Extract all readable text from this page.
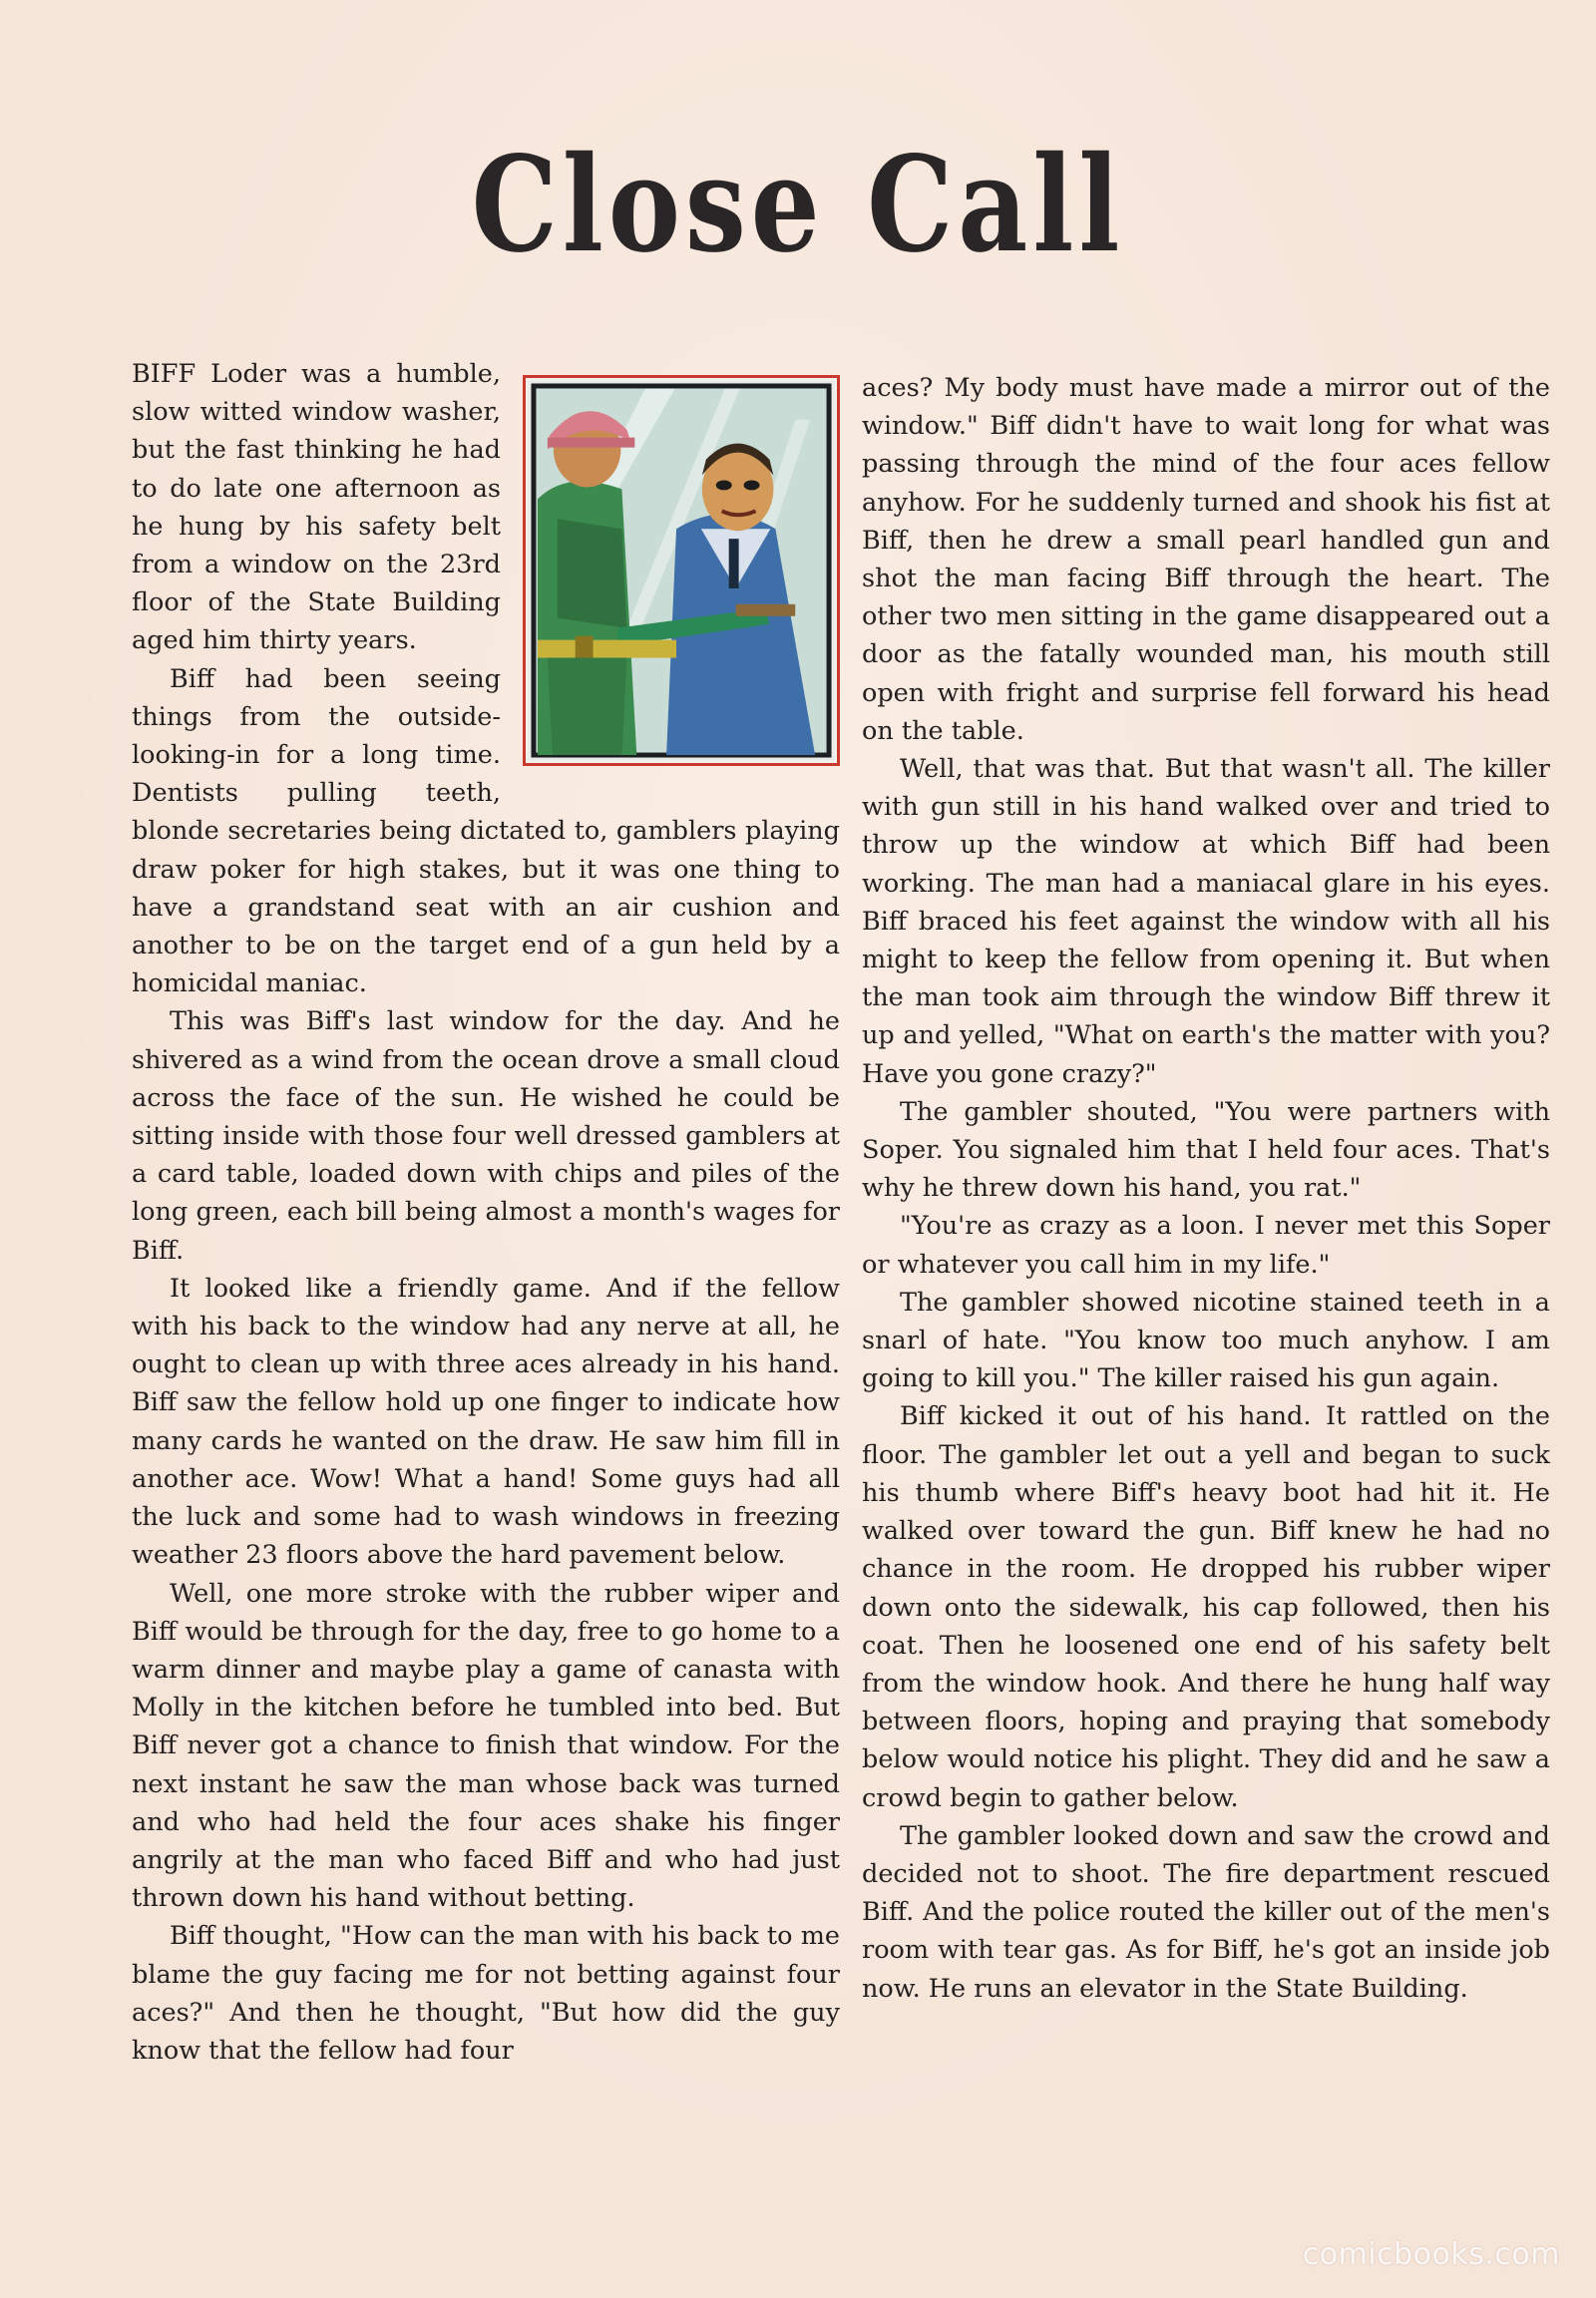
Close Call

BIFF Loder was a humble, slow witted window washer, but the fast thinking he had to do late one afternoon as he hung by his safety belt from a window on the 23rd floor of the State Building aged him thirty years.

Biff had been seeing things from the outside-looking-in for a long time. Dentists pulling teeth, blonde secretaries being dictated to, gamblers playing draw poker for high stakes, but it was one thing to have a grandstand seat with an air cushion and another to be on the target end of a gun held by a homicidal maniac.

This was Biff's last window for the day. And he shivered as a wind from the ocean drove a small cloud across the face of the sun. He wished he could be sitting inside with those four well dressed gamblers at a card table, loaded down with chips and piles of the long green, each bill being almost a month's wages for Biff.

It looked like a friendly game. And if the fellow with his back to the window had any nerve at all, he ought to clean up with three aces already in his hand. Biff saw the fellow hold up one finger to indicate how many cards he wanted on the draw. He saw him fill in another ace. Wow! What a hand! Some guys had all the luck and some had to wash windows in freezing weather 23 floors above the hard pavement below.

Well, one more stroke with the rubber wiper and Biff would be through for the day, free to go home to a warm dinner and maybe play a game of canasta with Molly in the kitchen before he tumbled into bed. But Biff never got a chance to finish that window. For the next instant he saw the man whose back was turned and who had held the four aces shake his finger angrily at the man who faced Biff and who had just thrown down his hand without betting.

Biff thought, "How can the man with his back to me blame the guy facing me for not betting against four aces?" And then he thought, "But how did the guy know that the fellow had four

aces? My body must have made a mirror out of the window." Biff didn't have to wait long for what was passing through the mind of the four aces fellow anyhow. For he suddenly turned and shook his fist at Biff, then he drew a small pearl handled gun and shot the man facing Biff through the heart. The other two men sitting in the game disappeared out a door as the fatally wounded man, his mouth still open with fright and surprise fell forward his head on the table.

Well, that was that. But that wasn't all. The killer with gun still in his hand walked over and tried to throw up the window at which Biff had been working. The man had a maniacal glare in his eyes. Biff braced his feet against the window with all his might to keep the fellow from opening it. But when the man took aim through the window Biff threw it up and yelled, "What on earth's the matter with you? Have you gone crazy?"

The gambler shouted, "You were partners with Soper. You signaled him that I held four aces. That's why he threw down his hand, you rat."

"You're as crazy as a loon. I never met this Soper or whatever you call him in my life."

The gambler showed nicotine stained teeth in a snarl of hate. "You know too much anyhow. I am going to kill you." The killer raised his gun again.

Biff kicked it out of his hand. It rattled on the floor. The gambler let out a yell and began to suck his thumb where Biff's heavy boot had hit it. He walked over toward the gun. Biff knew he had no chance in the room. He dropped his rubber wiper down onto the sidewalk, his cap followed, then his coat. Then he loosened one end of his safety belt from the window hook. And there he hung half way between floors, hoping and praying that somebody below would notice his plight. They did and he saw a crowd begin to gather below.

The gambler looked down and saw the crowd and decided not to shoot. The fire department rescued Biff. And the police routed the killer out of the men's room with tear gas. As for Biff, he's got an inside job now. He runs an elevator in the State Building.

comicbooks.com
